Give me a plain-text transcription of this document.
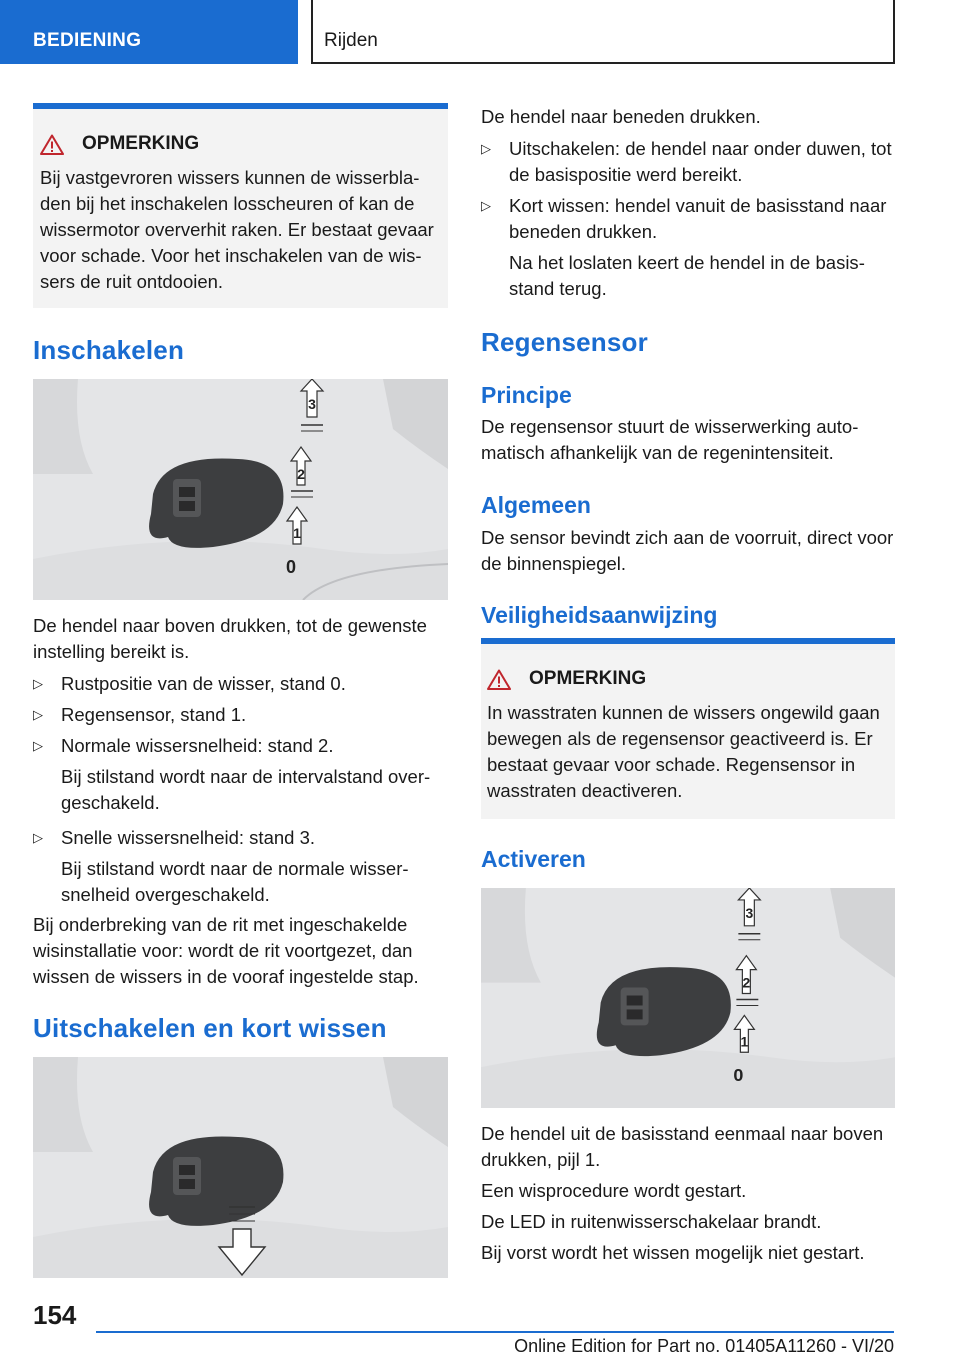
BEDIENING	Rijden
OPMERKING
Bij vastgevroren wissers kunnen de wisserbladen bij het inschakelen losscheuren of kan de wissermotor oververhit raken. Er bestaat gevaar voor schade. Voor het inschakelen van de wissers de ruit ontdooien.
Inschakelen
3
2
1
0
De hendel naar boven drukken, tot de gewenste instelling bereikt is.
▷ Rustpositie van de wisser, stand 0.
▷ Regensensor, stand 1.
▷ Normale wissersnelheid: stand 2.
Bij stilstand wordt naar de intervalstand overgeschakeld.
▷ Snelle wissersnelheid: stand 3.
Bij stilstand wordt naar de normale wissersnelheid overgeschakeld.
Bij onderbreking van de rit met ingeschakelde wisinstallatie voor: wordt de rit voortgezet, dan wissen de wissers in de vooraf ingestelde stap.
Uitschakelen en kort wissen
De hendel naar beneden drukken.
▷ Uitschakelen: de hendel naar onder duwen, tot de basispositie werd bereikt.
▷ Kort wissen: hendel vanuit de basisstand naar beneden drukken.
Na het loslaten keert de hendel in de basisstand terug.
Regensensor
Principe
De regensensor stuurt de wisserwerking automatisch afhankelijk van de regenintensiteit.
Algemeen
De sensor bevindt zich aan de voorruit, direct voor de binnenspiegel.
Veiligheidsaanwijzing
OPMERKING
In wasstraten kunnen de wissers ongewild gaan bewegen als de regensensor geactiveerd is. Er bestaat gevaar voor schade. Regensensor in wasstraten deactiveren.
Activeren
3
2
1
0
De hendel uit de basisstand eenmaal naar boven drukken, pijl 1.
Een wisprocedure wordt gestart.
De LED in ruitenwisserschakelaar brandt.
Bij vorst wordt het wissen mogelijk niet gestart.
154
Online Edition for Part no. 01405A11260 - VI/20
